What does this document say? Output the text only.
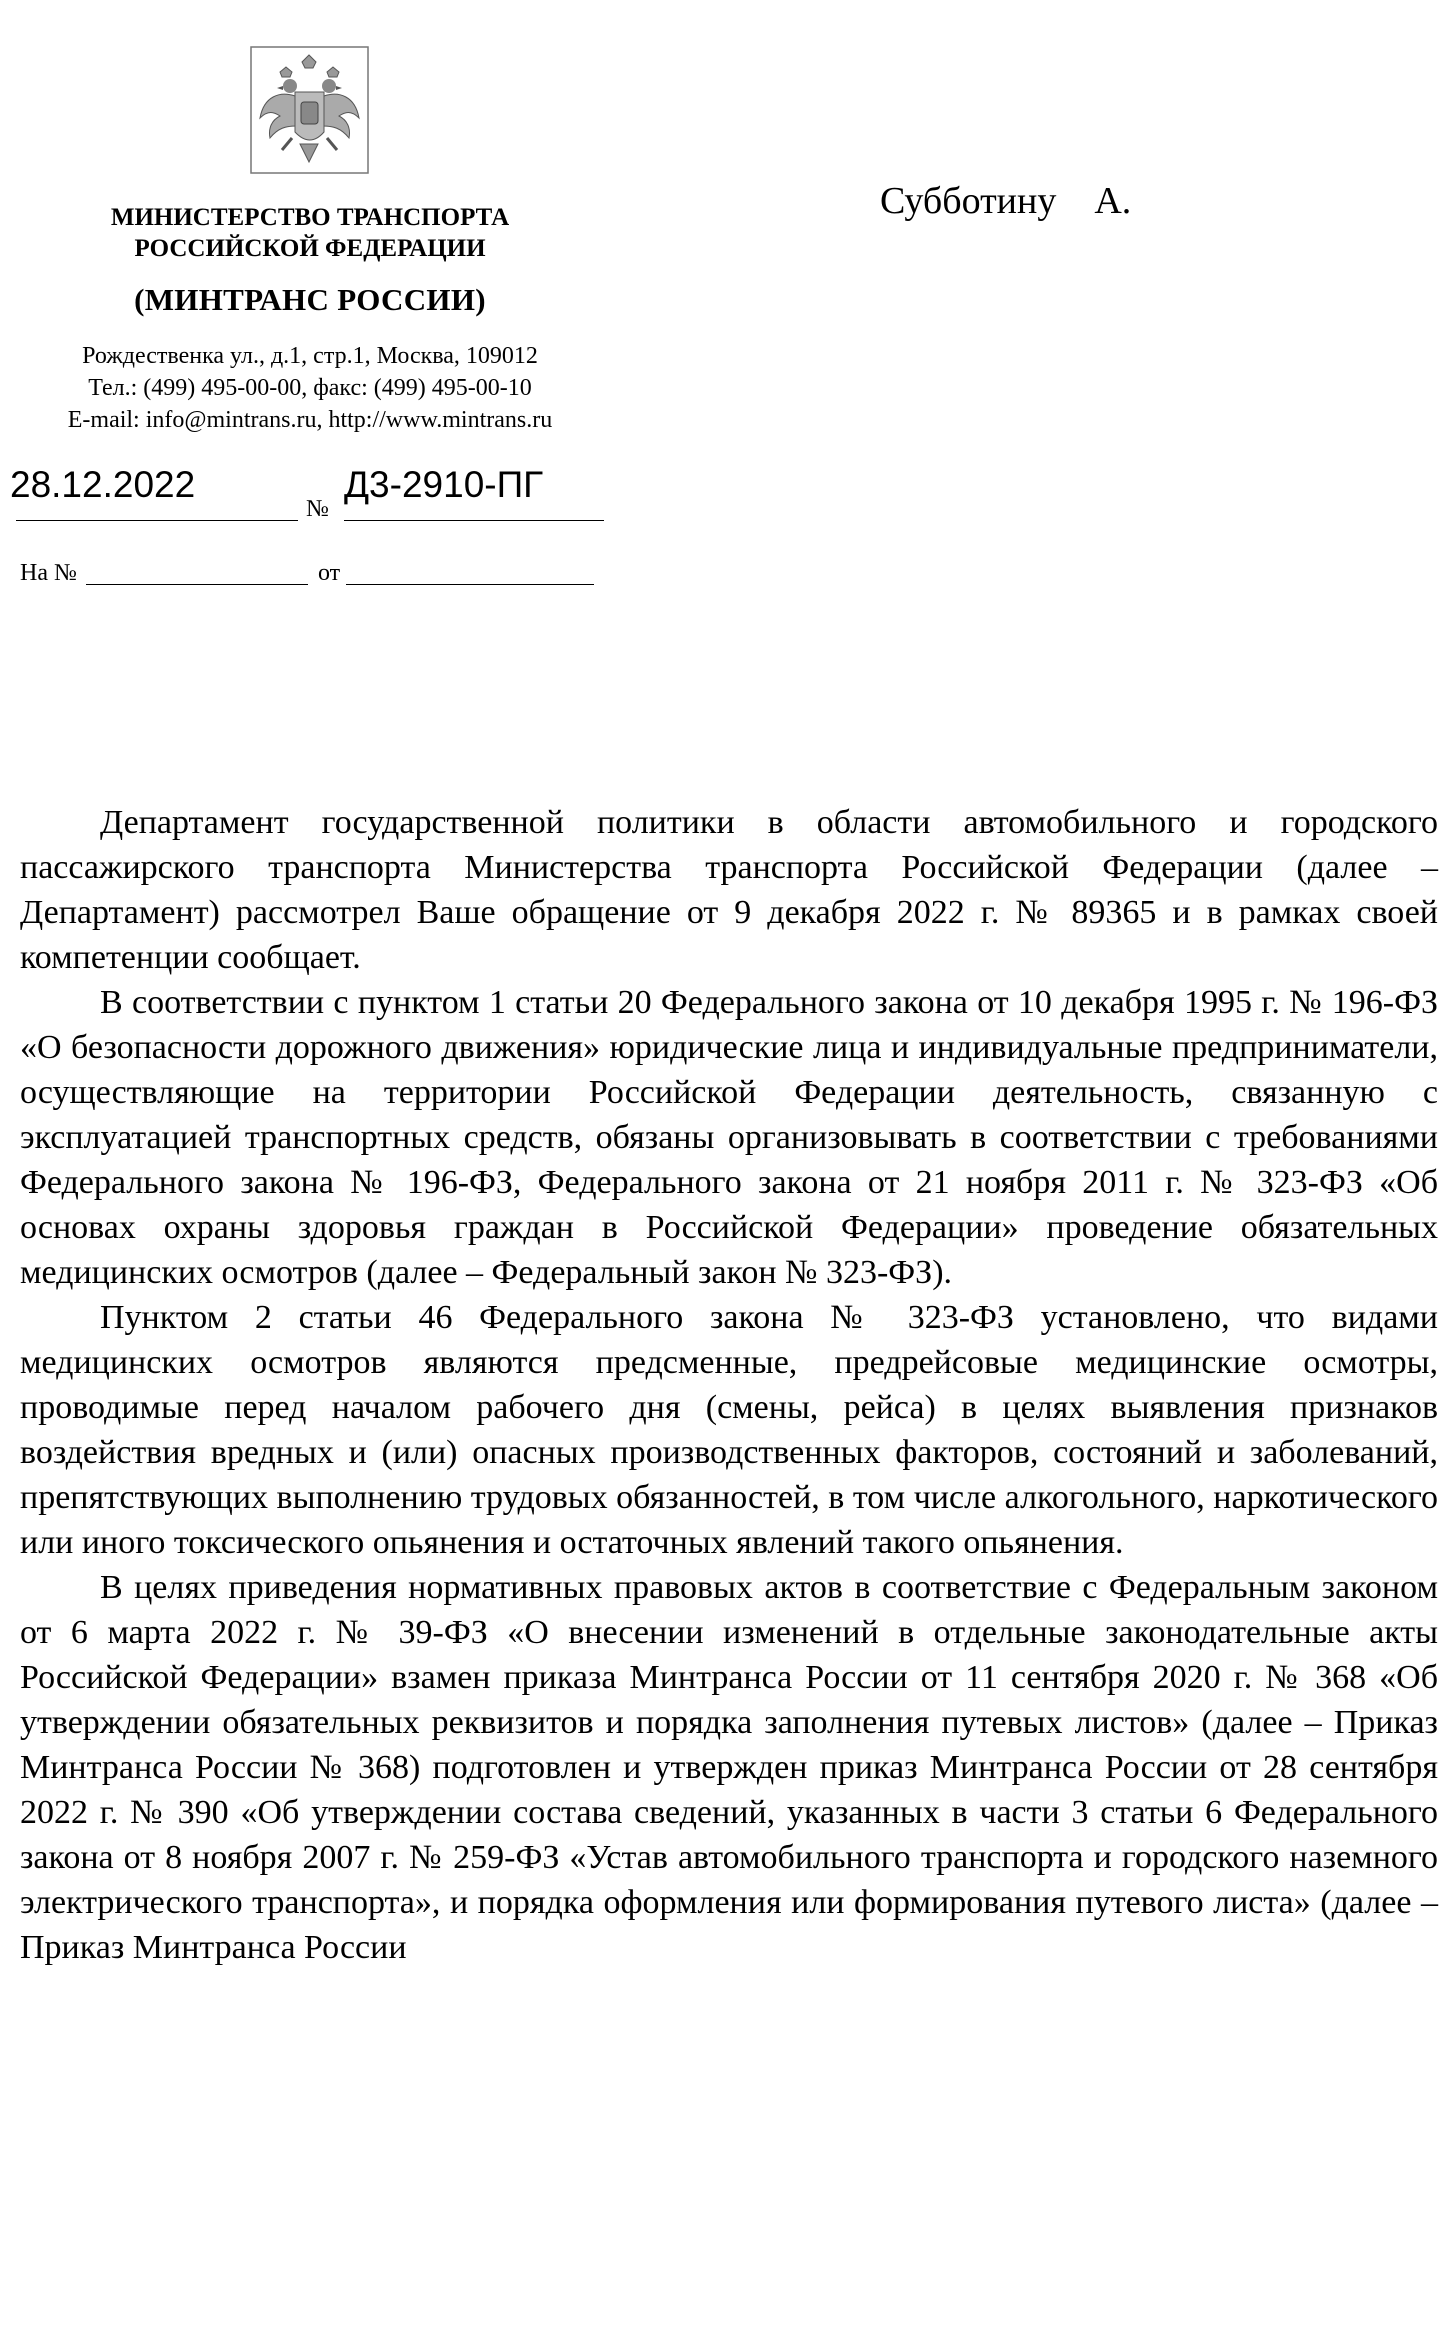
МИНИСТЕРСТВО ТРАНСПОРТА
РОССИЙСКОЙ ФЕДЕРАЦИИ
(МИНТРАНС РОССИИ)
Рождественка ул., д.1, стр.1, Москва, 109012
Тел.: (499) 495-00-00, факс: (499) 495-00-10
E-mail: info@mintrans.ru, http://www.mintrans.ru
Субботину    А.
28.12.2022
№
Д3-2910-ПГ
На №	от

Департамент государственной политики в области автомобильного и городского пассажирского транспорта Министерства транспорта Российской Федерации (далее – Департамент) рассмотрел Ваше обращение от 9 декабря 2022 г. № 89365 и в рамках своей компетенции сообщает.

В соответствии с пунктом 1 статьи 20 Федерального закона от 10 декабря 1995 г. № 196-ФЗ «О безопасности дорожного движения» юридические лица и индивидуальные предприниматели, осуществляющие на территории Российской Федерации деятельность, связанную с эксплуатацией транспортных средств, обязаны организовывать в соответствии с требованиями Федерального закона № 196-ФЗ, Федерального закона от 21 ноября 2011 г. № 323-ФЗ «Об основах охраны здоровья граждан в Российской Федерации» проведение обязательных медицинских осмотров (далее – Федеральный закон № 323-ФЗ).

Пунктом 2 статьи 46 Федерального закона № 323-ФЗ установлено, что видами медицинских осмотров являются предсменные, предрейсовые медицинские осмотры, проводимые перед началом рабочего дня (смены, рейса) в целях выявления признаков воздействия вредных и (или) опасных производственных факторов, состояний и заболеваний, препятствующих выполнению трудовых обязанностей, в том числе алкогольного, наркотического или иного токсического опьянения и остаточных явлений такого опьянения.

В целях приведения нормативных правовых актов в соответствие с Федеральным законом от 6 марта 2022 г. № 39-ФЗ «О внесении изменений в отдельные законодательные акты Российской Федерации» взамен приказа Минтранса России от 11 сентября 2020 г. № 368 «Об утверждении обязательных реквизитов и порядка заполнения путевых листов» (далее – Приказ Минтранса России № 368) подготовлен и утвержден приказ Минтранса России от 28 сентября 2022 г. № 390 «Об утверждении состава сведений, указанных в части 3 статьи 6 Федерального закона от 8 ноября 2007 г. № 259-ФЗ «Устав автомобильного транспорта и городского наземного электрического транспорта», и порядка оформления или формирования путевого листа» (далее – Приказ Минтранса России
